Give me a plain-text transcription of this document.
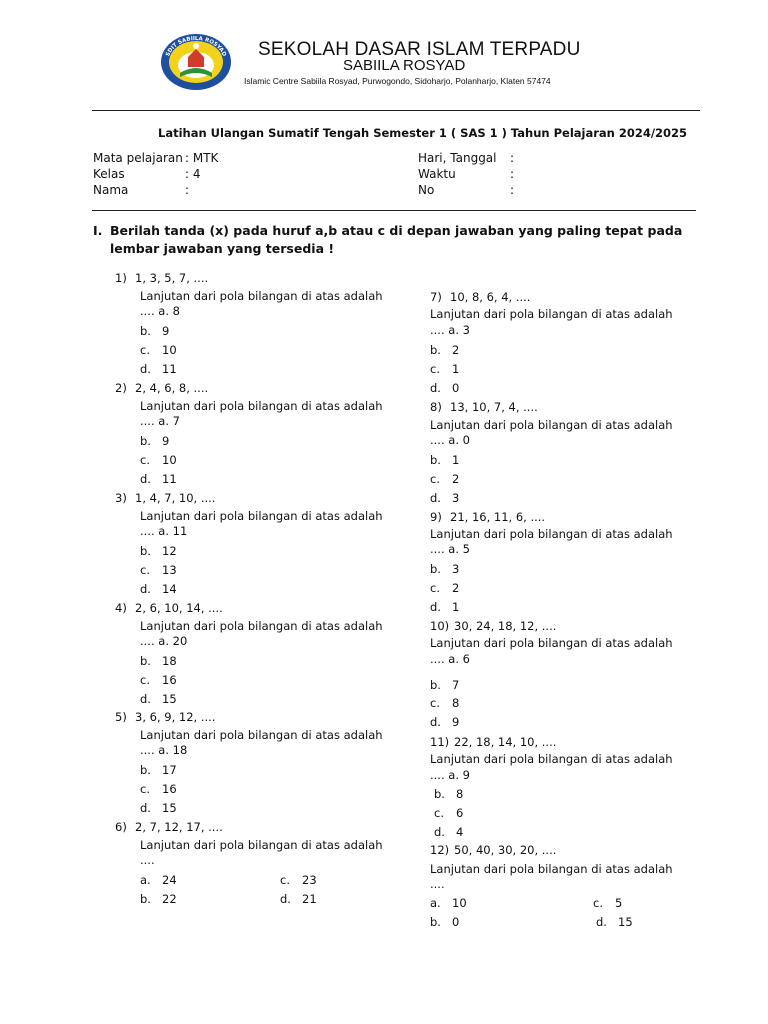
SDIT SABIILA ROSYAD SEKOLAH DASAR ISLAM TERPADU
SABIILA ROSYAD
Islamic Centre Sabiila Rosyad, Purwogondo, Sidoharjo, Polanharjo, Klaten 57474
Latihan Ulangan Sumatif Tengah Semester 1 ( SAS 1 ) Tahun Pelajaran 2024/2025
Mata pelajaran : MTK
Kelas	: 4
Nama	:
Hari, Tanggal :
Waktu	:
No	:
I. Berilah tanda (x) pada huruf a,b atau c di depan jawaban yang paling tepat pada
lembar jawaban yang tersedia !
1) 1, 3, 5, 7, ....
Lanjutan dari pola bilangan di atas adalah
.... a. 8
b. 9
c. 10
d. 11
2) 2, 4, 6, 8, ....
Lanjutan dari pola bilangan di atas adalah
.... a. 7
b. 9
c. 10
d. 11
3) 1, 4, 7, 10, ....
Lanjutan dari pola bilangan di atas adalah
.... a. 11
b. 12
c. 13
d. 14
4) 2, 6, 10, 14, ....
Lanjutan dari pola bilangan di atas adalah
.... a. 20
b. 18
c. 16
d. 15
5) 3, 6, 9, 12, ....
Lanjutan dari pola bilangan di atas adalah
.... a. 18
b. 17
c. 16
d. 15
6) 2, 7, 12, 17, ....
Lanjutan dari pola bilangan di atas adalah
....
a. 24	c. 23
b. 22	d. 21
7) 10, 8, 6, 4, ....
Lanjutan dari pola bilangan di atas adalah
.... a. 3
b. 2
c. 1
d. 0
8) 13, 10, 7, 4, ....
Lanjutan dari pola bilangan di atas adalah
.... a. 0
b. 1
c. 2
d. 3
9) 21, 16, 11, 6, ....
Lanjutan dari pola bilangan di atas adalah
.... a. 5
b. 3
c. 2
d. 1
10) 30, 24, 18, 12, ....
Lanjutan dari pola bilangan di atas adalah
.... a. 6
b. 7
c. 8
d. 9
11) 22, 18, 14, 10, ....
Lanjutan dari pola bilangan di atas adalah
.... a. 9
b. 8
c. 6
d. 4
12) 50, 40, 30, 20, ....
Lanjutan dari pola bilangan di atas adalah
....
a. 10	c. 5
b. 0	d. 15
